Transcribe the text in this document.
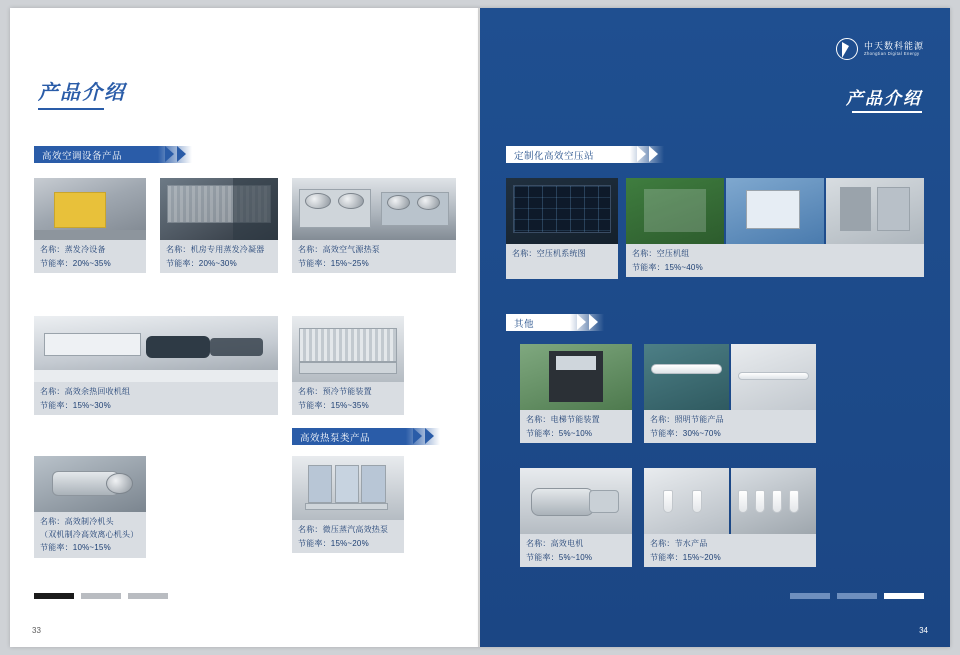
产品介绍
高效空调设备产品
名称：蒸发冷设备
节能率：20%~35%
名称：机房专用蒸发冷凝器
节能率：20%~30%
名称：高效空气源热泵
节能率：15%~25%
名称：高效余热回收机组
节能率：15%~30%
名称：预冷节能装置
节能率：15%~35%
高效热泵类产品
名称：高效制冷机头
（双机制冷高效离心机头）
节能率：10%~15%
名称：微压蒸汽高效热泵
节能率：15%~20%
33
中天数科能源
Zhongtian Digital Energy
产品介绍
定制化高效空压站
名称：空压机系统图	名称：空压机组
节能率：15%~40%
其他
名称：电梯节能装置
节能率：5%~10%
名称：照明节能产品
节能率：30%~70%
名称：高效电机
节能率：5%~10%
名称：节水产品
节能率：15%~20%
34
